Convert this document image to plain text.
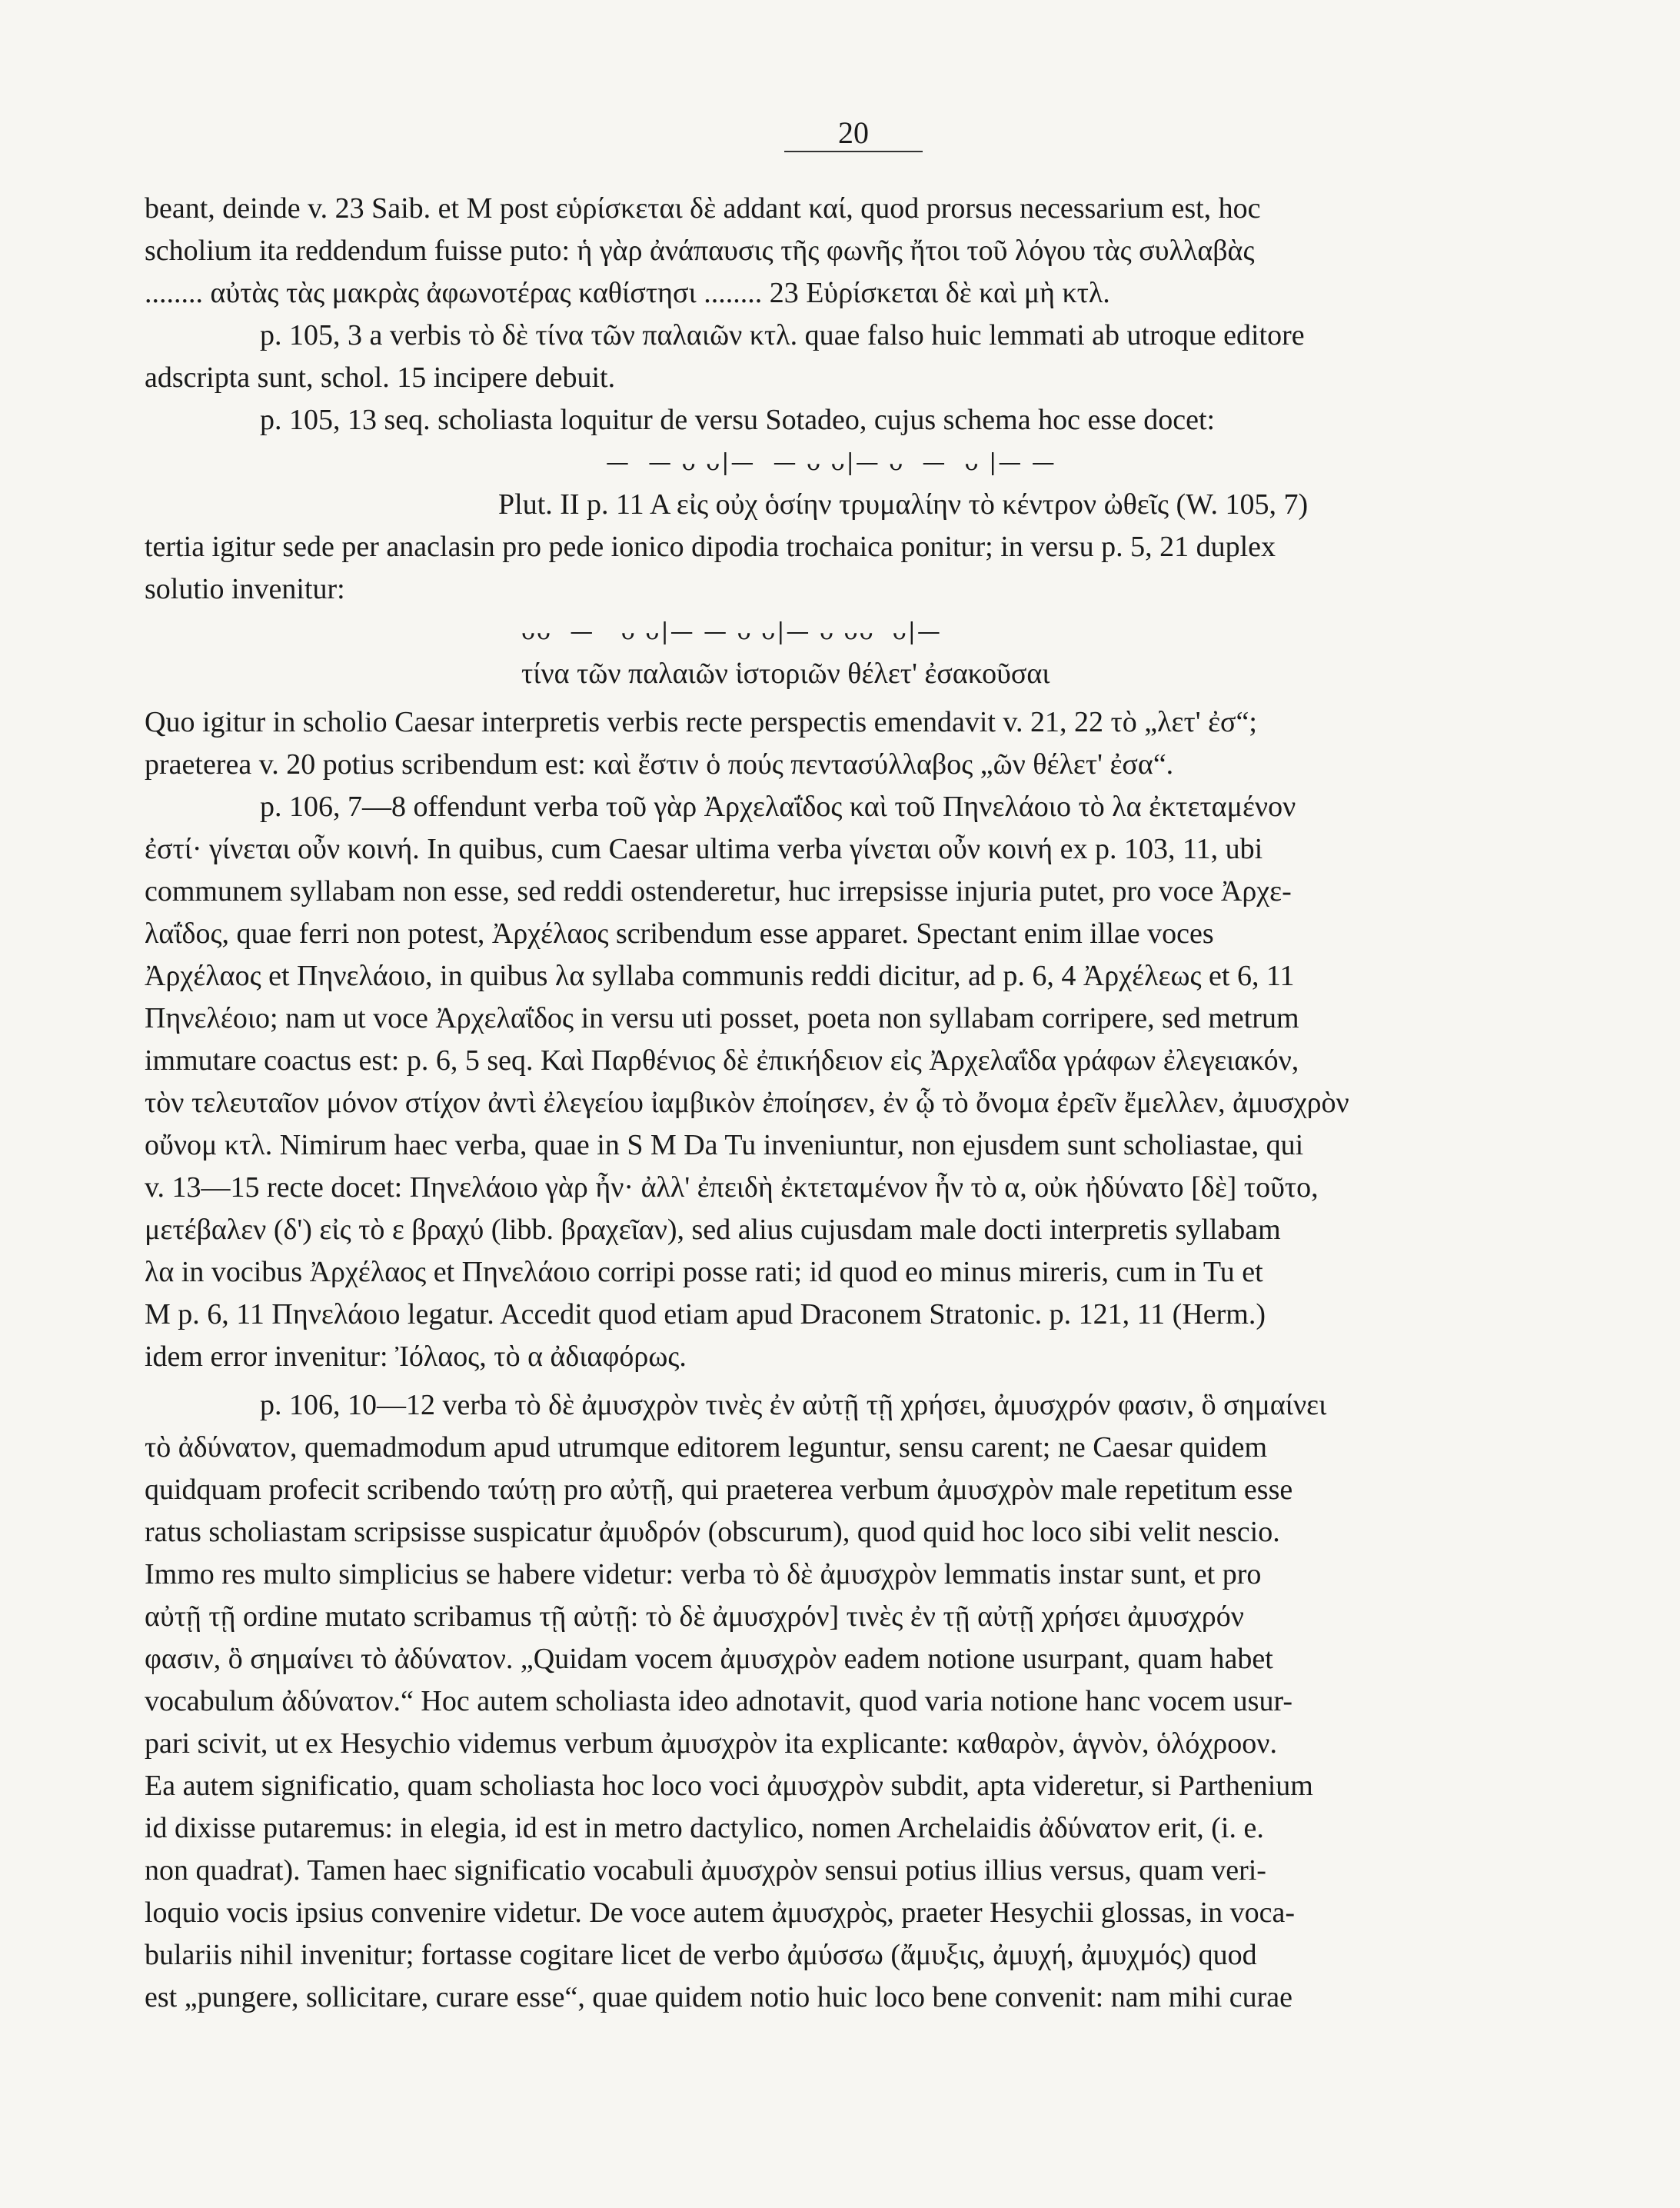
20
beant, deinde v. 23 Saib. et M post εὑρίσκεται δὲ addant καί, quod prorsus necessarium est, hoc
scholium ita reddendum fuisse puto: ἡ γὰρ ἀνάπαυσις τῆς φωνῆς ἤτοι τοῦ λόγου τὰς συλλαβὰς
........ αὐτὰς τὰς μακρὰς ἀφωνοτέρας καθίστησι ........ 23 Εὑρίσκεται δὲ καὶ μὴ κτλ.
p. 105, 3 a verbis τὸ δὲ τίνα τῶν παλαιῶν κτλ. quae falso huic lemmati ab utroque editore
adscripta sunt, schol. 15 incipere debuit.
p. 105, 13 seq. scholiasta loquitur de versu Sotadeo, cujus schema hoc esse docet:
—  — ᴗ ᴗ|—  — ᴗ ᴗ|— ᴗ  —  ᴗ |— —
Plut. II p. 11 A εἰς οὐχ ὁσίην τρυμαλίην τὸ κέντρον ὠθεῖς (W. 105, 7)
tertia igitur sede per anaclasin pro pede ionico dipodia trochaica ponitur; in versu p. 5, 21 duplex
solutio invenitur:
ᴗᴗ  —   ᴗ ᴗ|— — ᴗ ᴗ|— ᴗ ᴗᴗ  ᴗ|—
τίνα τῶν παλαιῶν ἱστοριῶν θέλετ' ἐσακοῦσαι
Quo igitur in scholio Caesar interpretis verbis recte perspectis emendavit v. 21, 22 τὸ „λετ' ἐσ“;
praeterea v. 20 potius scribendum est: καὶ ἔστιν ὁ πούς πεντασύλλαβος „ῶν θέλετ' ἐσα“.
p. 106, 7—8 offendunt verba τοῦ γὰρ Ἀρχελαΐδος καὶ τοῦ Πηνελάοιο τὸ λα ἐκτεταμένον
ἐστί· γίνεται οὖν κοινή. In quibus, cum Caesar ultima verba γίνεται οὖν κοινή ex p. 103, 11, ubi
communem syllabam non esse, sed reddi ostenderetur, huc irrepsisse injuria putet, pro voce Ἀρχε-
λαΐδος, quae ferri non potest, Ἀρχέλαος scribendum esse apparet. Spectant enim illae voces
Ἀρχέλαος et Πηνελάοιο, in quibus λα syllaba communis reddi dicitur, ad p. 6, 4 Ἀρχέλεως et 6, 11
Πηνελέοιο; nam ut voce Ἀρχελαΐδος in versu uti posset, poeta non syllabam corripere, sed metrum
immutare coactus est: p. 6, 5 seq. Καὶ Παρθένιος δὲ ἐπικήδειον εἰς Ἀρχελαΐδα γράφων ἐλεγειακόν,
τὸν τελευταῖον μόνον στίχον ἀντὶ ἐλεγείου ἰαμβικὸν ἐποίησεν, ἐν ᾧ τὸ ὄνομα ἐρεῖν ἔμελλεν, ἀμυσχρὸν
οὔνομ κτλ. Nimirum haec verba, quae in S M Da Tu inveniuntur, non ejusdem sunt scholiastae, qui
v. 13—15 recte docet: Πηνελάοιο γὰρ ἦν· ἀλλ' ἐπειδὴ ἐκτεταμένον ἦν τὸ α, οὐκ ἠδύνατο [δὲ] τοῦτο,
μετέβαλεν (δ') εἰς τὸ ε βραχύ (libb. βραχεῖαν), sed alius cujusdam male docti interpretis syllabam
λα in vocibus Ἀρχέλαος et Πηνελάοιο corripi posse rati; id quod eo minus mireris, cum in Tu et
M p. 6, 11 Πηνελάοιο legatur. Accedit quod etiam apud Draconem Stratonic. p. 121, 11 (Herm.)
idem error invenitur: Ἰόλαος, τὸ α ἀδιαφόρως.
p. 106, 10—12 verba τὸ δὲ ἀμυσχρὸν τινὲς ἐν αὐτῇ τῇ χρήσει, ἀμυσχρόν φασιν, ὃ σημαίνει
τὸ ἀδύνατον, quemadmodum apud utrumque editorem leguntur, sensu carent; ne Caesar quidem
quidquam profecit scribendo ταύτῃ pro αὐτῇ, qui praeterea verbum ἀμυσχρὸν male repetitum esse
ratus scholiastam scripsisse suspicatur ἀμυδρόν (obscurum), quod quid hoc loco sibi velit nescio.
Immo res multo simplicius se habere videtur: verba τὸ δὲ ἀμυσχρὸν lemmatis instar sunt, et pro
αὐτῇ τῇ ordine mutato scribamus τῇ αὐτῇ: τὸ δὲ ἀμυσχρόν] τινὲς ἐν τῇ αὐτῇ χρήσει ἀμυσχρόν
φασιν, ὃ σημαίνει τὸ ἀδύνατον. „Quidam vocem ἀμυσχρὸν eadem notione usurpant, quam habet
vocabulum ἀδύνατον.“ Hoc autem scholiasta ideo adnotavit, quod varia notione hanc vocem usur-
pari scivit, ut ex Hesychio videmus verbum ἀμυσχρὸν ita explicante: καθαρὸν, ἁγνὸν, ὁλόχροον.
Ea autem significatio, quam scholiasta hoc loco voci ἀμυσχρὸν subdit, apta videretur, si Parthenium
id dixisse putaremus: in elegia, id est in metro dactylico, nomen Archelaidis ἀδύνατον erit, (i. e.
non quadrat). Tamen haec significatio vocabuli ἀμυσχρὸν sensui potius illius versus, quam veri-
loquio vocis ipsius convenire videtur. De voce autem ἀμυσχρὸς, praeter Hesychii glossas, in voca-
bulariis nihil invenitur; fortasse cogitare licet de verbo ἀμύσσω (ἄμυξις, ἀμυχή, ἀμυχμός) quod
est „pungere, sollicitare, curare esse“, quae quidem notio huic loco bene convenit: nam mihi curae
